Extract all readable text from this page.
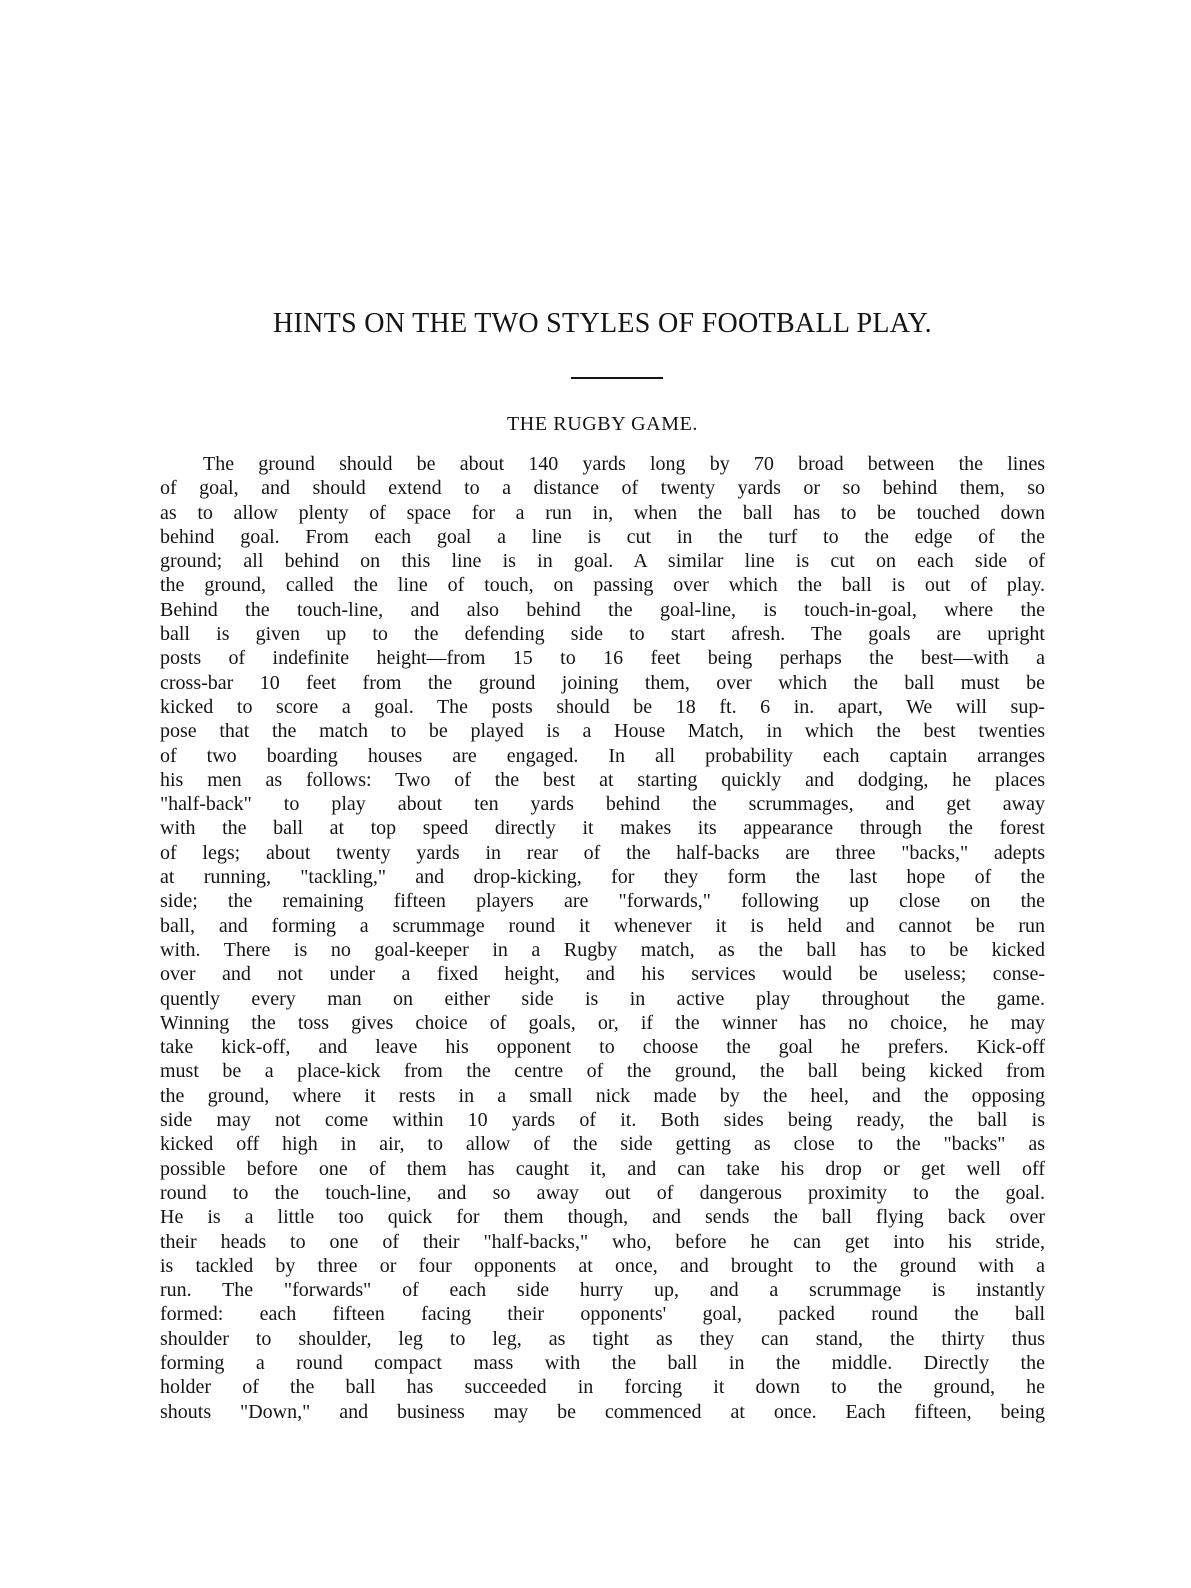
HINTS ON THE TWO STYLES OF FOOTBALL PLAY.
THE RUGBY GAME.
The ground should be about 140 yards long by 70 broad between the lines
of goal, and should extend to a distance of twenty yards or so behind them, so
as to allow plenty of space for a run in, when the ball has to be touched down
behind goal. From each goal a line is cut in the turf to the edge of the
ground; all behind on this line is in goal. A similar line is cut on each side of
the ground, called the line of touch, on passing over which the ball is out of play.
Behind the touch-line, and also behind the goal-line, is touch-in-goal, where the
ball is given up to the defending side to start afresh. The goals are upright
posts of indefinite height—from 15 to 16 feet being perhaps the best—with a
cross-bar 10 feet from the ground joining them, over which the ball must be
kicked to score a goal. The posts should be 18 ft. 6 in. apart, We will sup-
pose that the match to be played is a House Match, in which the best twenties
of two boarding houses are engaged. In all probability each captain arranges
his men as follows: Two of the best at starting quickly and dodging, he places
"half-back" to play about ten yards behind the scrummages, and get away
with the ball at top speed directly it makes its appearance through the forest
of legs; about twenty yards in rear of the half-backs are three "backs," adepts
at running, "tackling," and drop-kicking, for they form the last hope of the
side; the remaining fifteen players are "forwards," following up close on the
ball, and forming a scrummage round it whenever it is held and cannot be run
with. There is no goal-keeper in a Rugby match, as the ball has to be kicked
over and not under a fixed height, and his services would be useless; conse-
quently every man on either side is in active play throughout the game.
Winning the toss gives choice of goals, or, if the winner has no choice, he may
take kick-off, and leave his opponent to choose the goal he prefers. Kick-off
must be a place-kick from the centre of the ground, the ball being kicked from
the ground, where it rests in a small nick made by the heel, and the opposing
side may not come within 10 yards of it. Both sides being ready, the ball is
kicked off high in air, to allow of the side getting as close to the "backs" as
possible before one of them has caught it, and can take his drop or get well off
round to the touch-line, and so away out of dangerous proximity to the goal.
He is a little too quick for them though, and sends the ball flying back over
their heads to one of their "half-backs," who, before he can get into his stride,
is tackled by three or four opponents at once, and brought to the ground with a
run. The "forwards" of each side hurry up, and a scrummage is instantly
formed: each fifteen facing their opponents' goal, packed round the ball
shoulder to shoulder, leg to leg, as tight as they can stand, the thirty thus
forming a round compact mass with the ball in the middle. Directly the
holder of the ball has succeeded in forcing it down to the ground, he
shouts "Down," and business may be commenced at once. Each fifteen, being
